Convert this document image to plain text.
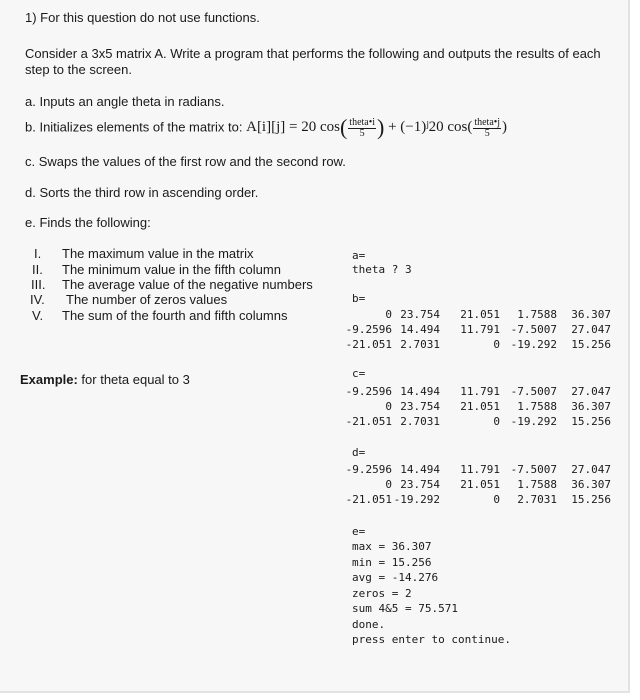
1) For this question do not use functions.
Consider a 3x5 matrix A. Write a program that performs the following and outputs the results of each step to the screen.
a. Inputs an angle theta in radians.
b. Initializes elements of the matrix to: A[i][j] = 20 $\cos( \frac{\text{theta•i}}{5}$ ) + (−1)ʲ20 $\cos( \frac{\text{theta•j}}{5}$ )
c. Swaps the values of the first row and the second row.
d. Sorts the third row in ascending order.
e. Finds the following:
I. The maximum value in the matrix
II. The minimum value in the fifth column
III. The average value of the negative numbers
IV. The number of zeros values
V. The sum of the fourth and fifth columns
Example: for theta equal to 3
a=
theta ? 3
b=
0 23.754 21.051 1.7588 36.307
-9.2596 14.494 11.791 -7.5007 27.047
-21.051 2.7031	0 -19.292 15.256
c=
-9.2596 14.494 11.791 -7.5007 27.047
0 23.754 21.051 1.7588 36.307
-21.051 2.7031	0 -19.292 15.256
d=
-9.2596 14.494 11.791 -7.5007 27.047
0 23.754 21.051 1.7588 36.307
-21.051 -19.292	0 2.7031 15.256
e=
max = 36.307
min = 15.256
avg = -14.276
zeros = 2
sum 4&5 = 75.571
done.
press enter to continue.
